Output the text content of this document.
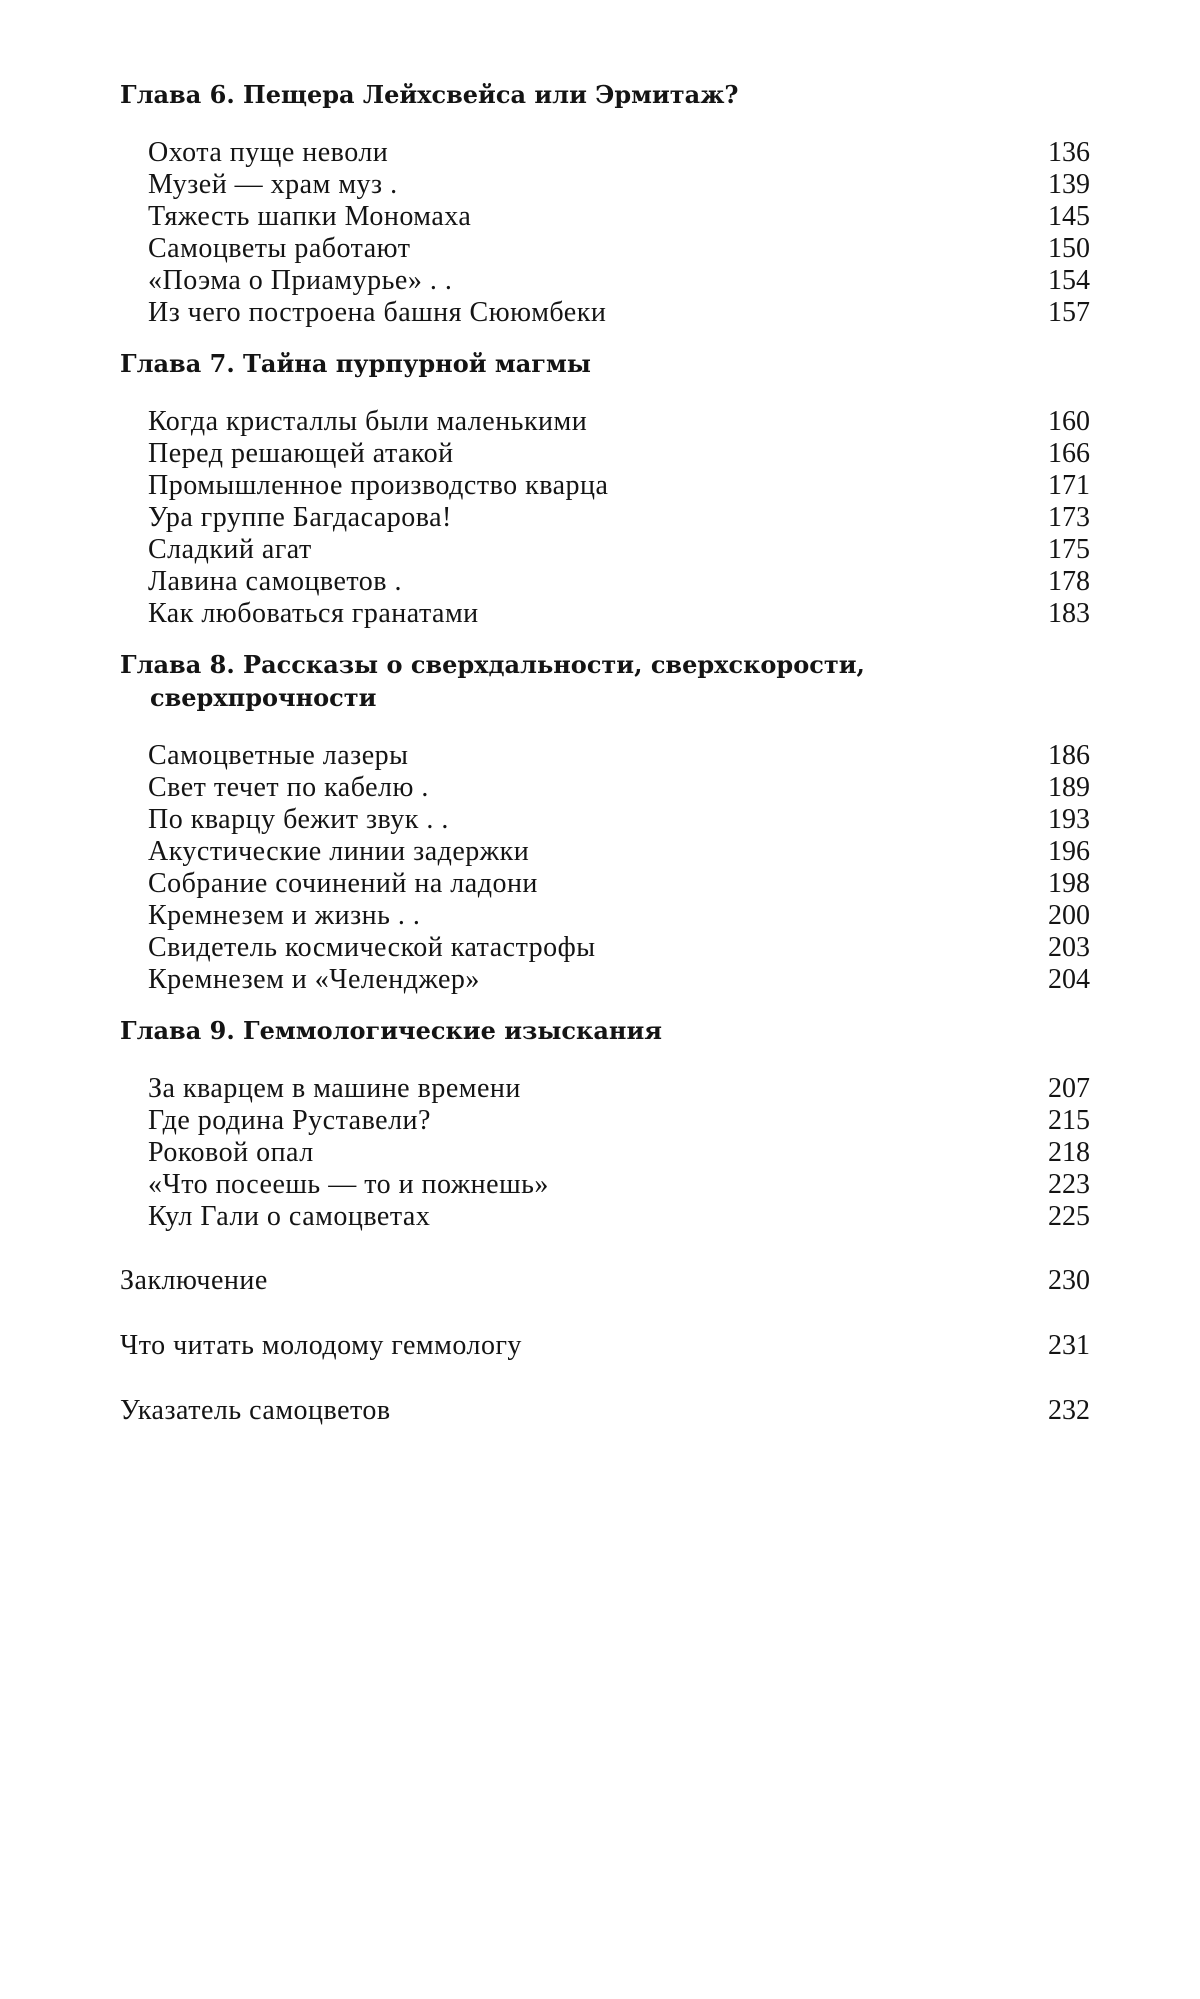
Глава 6. Пещера Лейхсвейса или Эрмитаж?
Охота пуще неволи	136
Музей — храм муз .	139
Тяжесть шапки Мономаха	145
Самоцветы работают	150
«Поэма о Приамурье» . .	154
Из чего построена башня Сююмбеки	157
Глава 7. Тайна пурпурной магмы
Когда кристаллы были маленькими	160
Перед решающей атакой	166
Промышленное производство кварца	171
Ура группе Багдасарова!	173
Сладкий агат	175
Лавина самоцветов .	178
Как любоваться гранатами	183
Глава 8. Рассказы о сверхдальности, сверхскорости, сверхпрочности
Самоцветные лазеры	186
Свет течет по кабелю .	189
По кварцу бежит звук . .	193
Акустические линии задержки	196
Собрание сочинений на ладони	198
Кремнезем и жизнь . .	200
Свидетель космической катастрофы	203
Кремнезем и «Челенджер»	204
Глава 9. Геммологические изыскания
За кварцем в машине времени	207
Где родина Руставели?	215
Роковой опал	218
«Что посеешь — то и пожнешь»	223
Кул Гали о самоцветах	225
Заключение	230
Что читать молодому геммологу	231
Указатель самоцветов	232
